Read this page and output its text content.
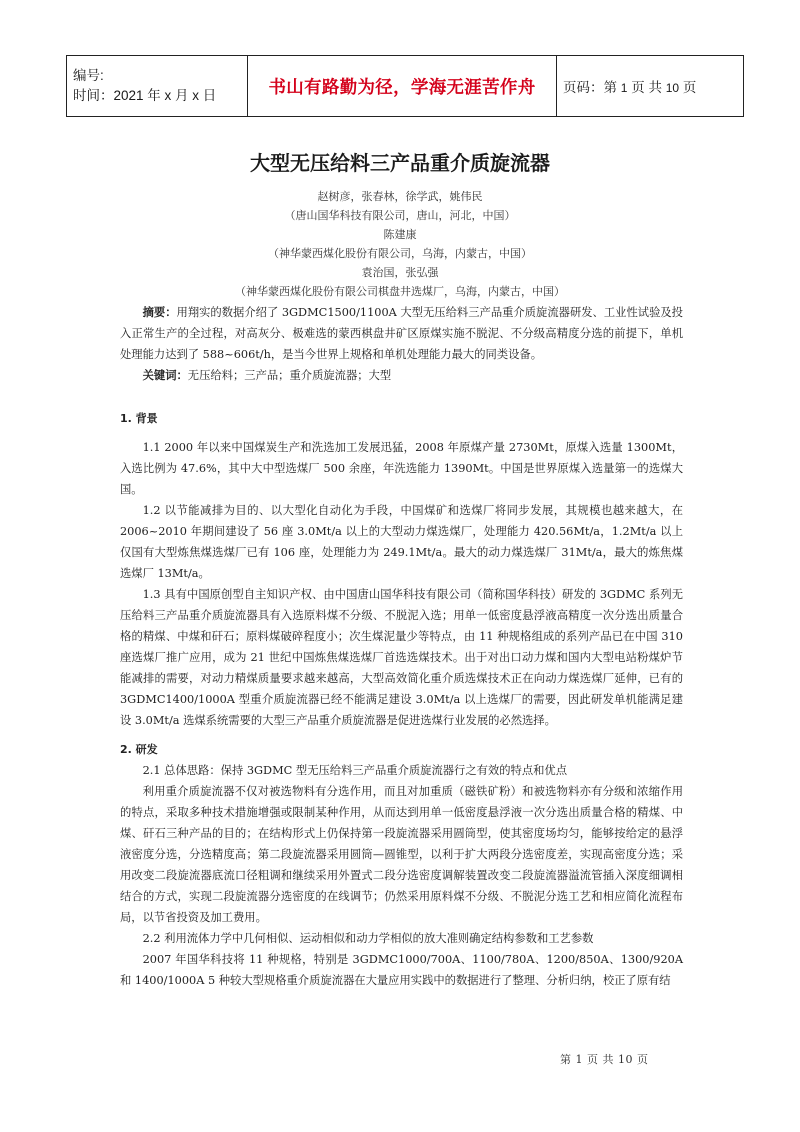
编号:
时间：2021 年 x 月 x 日	书山有路勤为径，学海无涯苦作舟	页码：第 1 页 共 10 页
大型无压给料三产品重介质旋流器
赵树彦，张春林，徐学武，姚伟民
（唐山国华科技有限公司，唐山，河北，中国）
陈建康
（神华蒙西煤化股份有限公司，乌海，内蒙古，中国）
袁治国，张弘强
（神华蒙西煤化股份有限公司棋盘井选煤厂，乌海，内蒙古，中国）

摘要：用翔实的数据介绍了 3GDMC1500/1100A 大型无压给料三产品重介质旋流器研发、工业性试验及投入正常生产的全过程，对高灰分、极难选的蒙西棋盘井矿区原煤实施不脱泥、不分级高精度分选的前提下，单机处理能力达到了 588~606t/h，是当今世界上规格和单机处理能力最大的同类设备。

关键词：无压给料；三产品；重介质旋流器；大型

1. 背景

1.1 2000 年以来中国煤炭生产和洗选加工发展迅猛，2008 年原煤产量 2730Mt，原煤入选量 1300Mt，入选比例为 47.6%，其中大中型选煤厂 500 余座，年洗选能力 1390Mt。中国是世界原煤入选量第一的选煤大国。

1.2 以节能减排为目的、以大型化自动化为手段，中国煤矿和选煤厂将同步发展，其规模也越来越大，在 2006~2010 年期间建设了 56 座 3.0Mt/a 以上的大型动力煤选煤厂，处理能力 420.56Mt/a，1.2Mt/a 以上仅国有大型炼焦煤选煤厂已有 106 座，处理能力为 249.1Mt/a。最大的动力煤选煤厂 31Mt/a，最大的炼焦煤选煤厂 13Mt/a。

1.3 具有中国原创型自主知识产权、由中国唐山国华科技有限公司（简称国华科技）研发的 3GDMC 系列无压给料三产品重介质旋流器具有入选原料煤不分级、不脱泥入选；用单一低密度悬浮液高精度一次分选出质量合格的精煤、中煤和矸石；原料煤破碎程度小；次生煤泥量少等特点，由 11 种规格组成的系列产品已在中国 310 座选煤厂推广应用，成为 21 世纪中国炼焦煤选煤厂首选选煤技术。出于对出口动力煤和国内大型电站粉煤炉节能减排的需要，对动力精煤质量要求越来越高，大型高效简化重介质选煤技术正在向动力煤选煤厂延伸，已有的 3GDMC1400/1000A 型重介质旋流器已经不能满足建设 3.0Mt/a 以上选煤厂的需要，因此研发单机能满足建设 3.0Mt/a 选煤系统需要的大型三产品重介质旋流器是促进选煤行业发展的必然选择。

2. 研发

2.1 总体思路：保持 3GDMC 型无压给料三产品重介质旋流器行之有效的特点和优点

利用重介质旋流器不仅对被选物料有分选作用，而且对加重质（磁铁矿粉）和被选物料亦有分级和浓缩作用的特点，采取多种技术措施增强或限制某种作用，从而达到用单一低密度悬浮液一次分选出质量合格的精煤、中煤、矸石三种产品的目的；在结构形式上仍保持第一段旋流器采用圆筒型，使其密度场均匀，能够按给定的悬浮液密度分选，分选精度高；第二段旋流器采用圆筒—圆锥型，以利于扩大两段分选密度差，实现高密度分选；采用改变二段旋流器底流口径粗调和继续采用外置式二段分选密度调解装置改变二段旋流器溢流管插入深度细调相结合的方式，实现二段旋流器分选密度的在线调节；仍然采用原料煤不分级、不脱泥分选工艺和相应简化流程布局，以节省投资及加工费用。

2.2 利用流体力学中几何相似、运动相似和动力学相似的放大准则确定结构参数和工艺参数

2007 年国华科技将 11 种规格，特别是 3GDMC1000/700A、1100/780A、1200/850A、1300/920A 和 1400/1000A 5 种较大型规格重介质旋流器在大量应用实践中的数据进行了整理、分析归纳，校正了原有结

第 1 页 共 10 页
